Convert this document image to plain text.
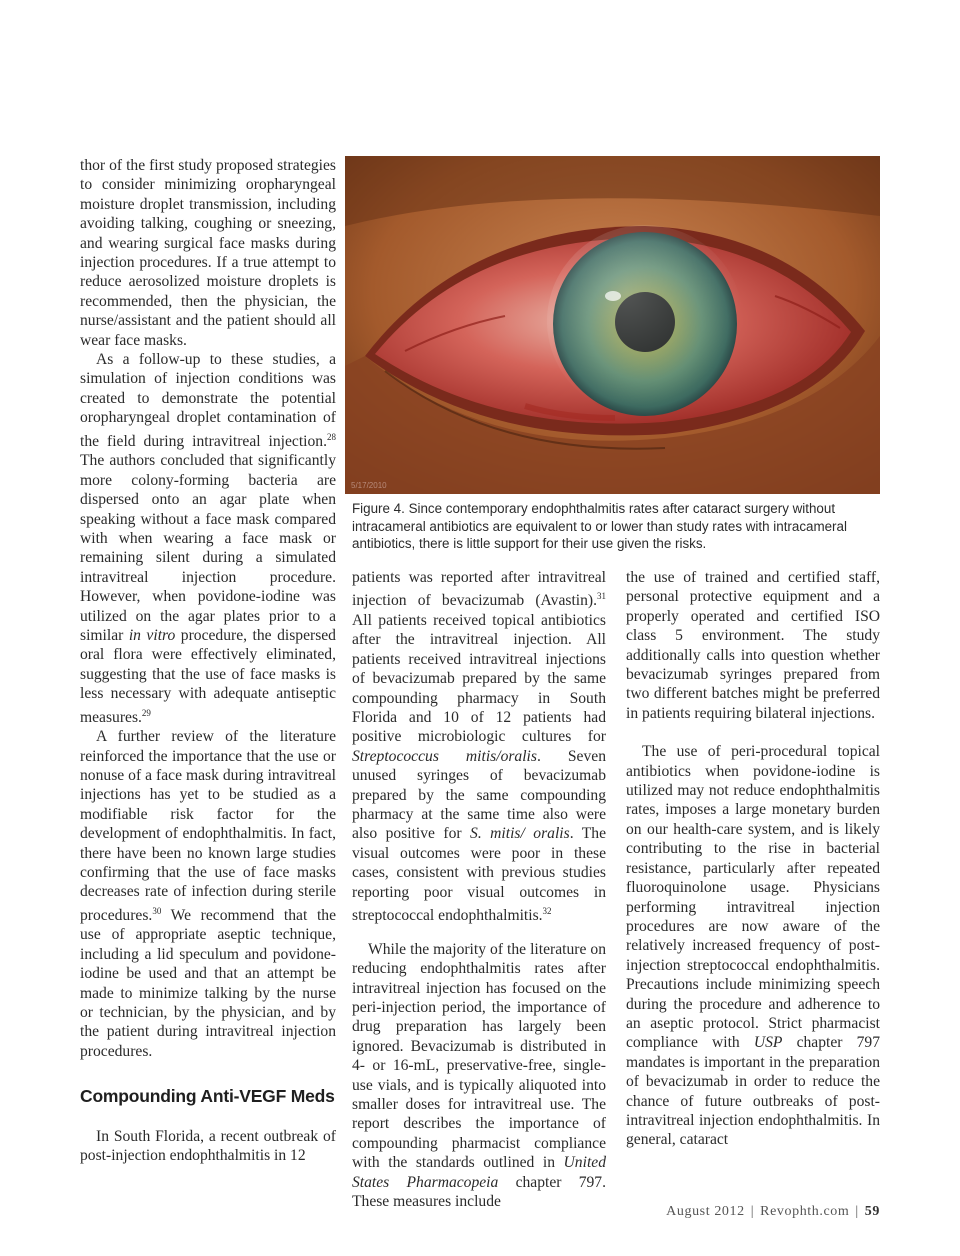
thor of the first study proposed strategies to consider minimizing oropharyngeal moisture droplet transmission, including avoiding talking, coughing or sneezing, and wearing surgical face masks during injection procedures. If a true attempt to reduce aerosolized moisture droplets is recommended, then the physician, the nurse/assistant and the patient should all wear face masks.

As a follow-up to these studies, a simulation of injection conditions was created to demonstrate the potential oropharyngeal droplet contamination of the field during intravitreal injection.$^{28}$ The authors concluded that significantly more colony-forming bacteria are dispersed onto an agar plate when speaking without a face mask compared with when wearing a face mask or remaining silent during a simulated intravitreal injection procedure. However, when povidone-iodine was utilized on the agar plates prior to a similar in vitro procedure, the dispersed oral flora were effectively eliminated, suggesting that the use of face masks is less necessary with adequate antiseptic measures.$^{29}$

A further review of the literature reinforced the importance that the use or nonuse of a face mask during intravitreal injections has yet to be studied as a modifiable risk factor for the development of endophthalmitis. In fact, there have been no known large studies confirming that the use of face masks decreases rate of infection during sterile procedures.$^{30}$ We recommend that the use of appropriate aseptic technique, including a lid speculum and povidone-iodine be used and that an attempt be made to minimize talking by the nurse or technician, by the physician, and by the patient during intravitreal injection procedures.

Compounding Anti-VEGF Meds

In South Florida, a recent outbreak of post-injection endophthalmitis in 12

5/17/2010
Figure 4. Since contemporary endophthalmitis rates after cataract surgery without intracameral antibiotics are equivalent to or lower than study rates with intracameral antibiotics, there is little support for their use given the risks.

patients was reported after intravitreal injection of bevacizumab (Avastin).$^{31}$ All patients received topical antibiotics after the intravitreal injection. All patients received intravitreal injections of bevacizumab prepared by the same compounding pharmacy in South Florida and 10 of 12 patients had positive microbiologic cultures for Streptococcus mitis/oralis. Seven unused syringes of bevacizumab prepared by the same compounding pharmacy at the same time also were also positive for S. mitis/ oralis. The visual outcomes were poor in these cases, consistent with previous studies reporting poor visual outcomes in streptococcal endophthalmitis.$^{32}$

While the majority of the literature on reducing endophthalmitis rates after intravitreal injection has focused on the peri-injection period, the importance of drug preparation has largely been ignored. Bevacizumab is distributed in 4- or 16-mL, preservative-free, single-use vials, and is typically aliquoted into smaller doses for intravitreal use. The report describes the importance of compounding pharmacist compliance with the standards outlined in United States Pharmacopeia chapter 797. These measures include

the use of trained and certified staff, personal protective equipment and a properly operated and certified ISO class 5 environment. The study additionally calls into question whether bevacizumab syringes prepared from two different batches might be preferred in patients requiring bilateral injections.

The use of peri-procedural topical antibiotics when povidone-iodine is utilized may not reduce endophthalmitis rates, imposes a large monetary burden on our health-care system, and is likely contributing to the rise in bacterial resistance, particularly after repeated fluoroquinolone usage. Physicians performing intravitreal injection procedures are now aware of the relatively increased frequency of post-injection streptococcal endophthalmitis. Precautions include minimizing speech during the procedure and adherence to an aseptic protocol. Strict pharmacist compliance with USP chapter 797 mandates is important in the preparation of bevacizumab in order to reduce the chance of future outbreaks of post-intravitreal injection endophthalmitis. In general, cataract

August 2012 | Revophth.com | 59
